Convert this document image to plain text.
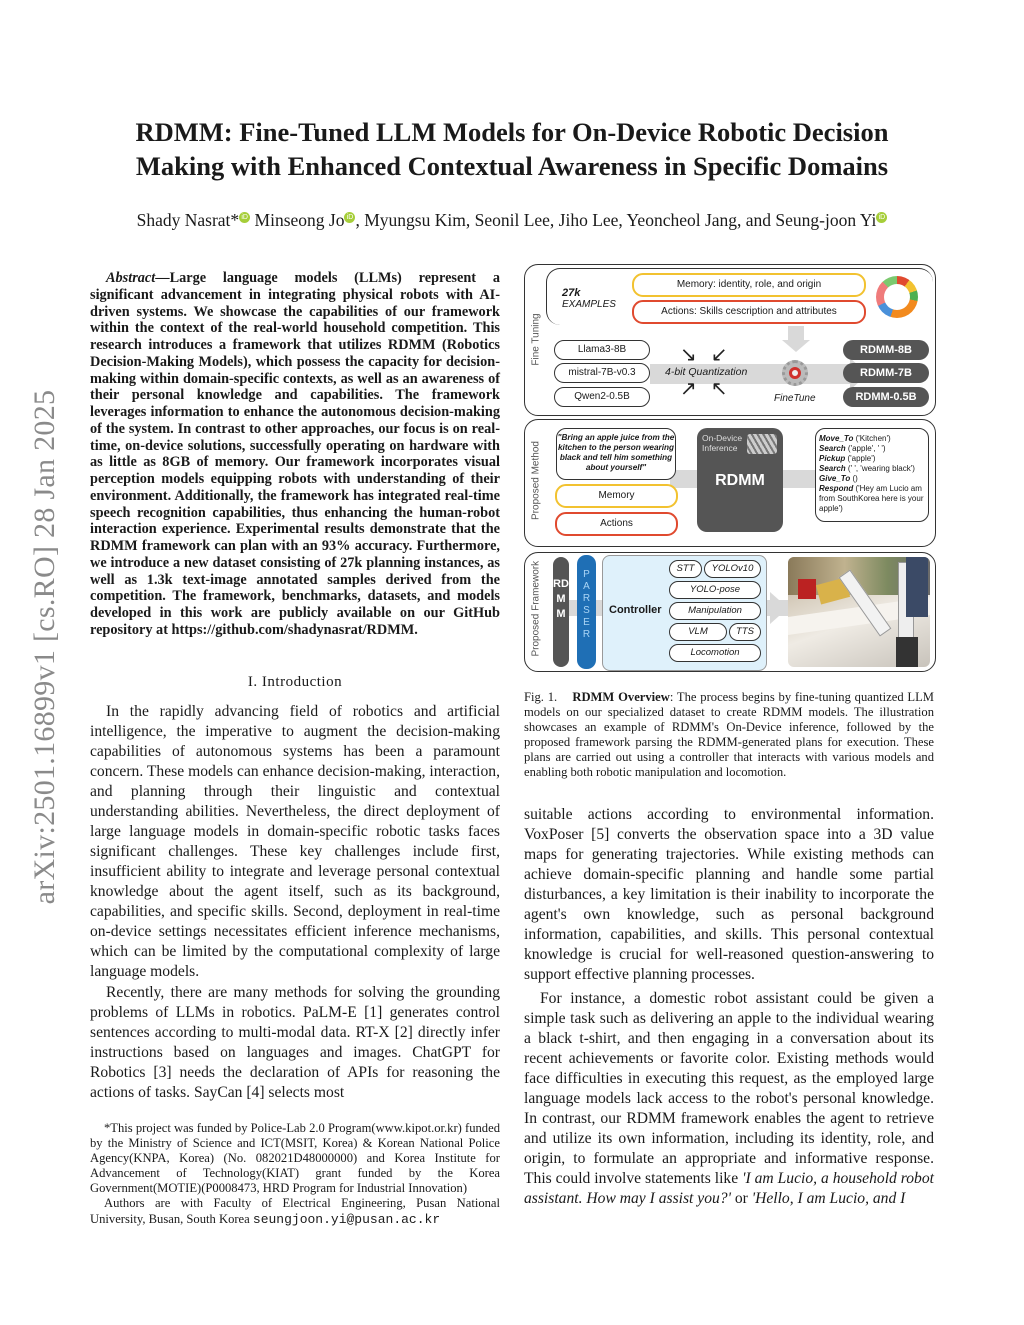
arXiv:2501.16899v1 [cs.RO] 28 Jan 2025
RDMM: Fine-Tuned LLM Models for On-Device Robotic Decision Making with Enhanced Contextual Awareness in Specific Domains
Shady Nasrat* iD Minseong Jo iD , Myungsu Kim, Seonil Lee, Jiho Lee, Yeoncheol Jang, and Seung-joon Yi iD

Abstract—Large language models (LLMs) represent a significant advancement in integrating physical robots with AI-driven systems. We showcase the capabilities of our framework within the context of the real-world household competition. This research introduces a framework that utilizes RDMM (Robotics Decision-Making Models), which possess the capacity for decision-making within domain-specific contexts, as well as an awareness of their personal knowledge and capabilities. The framework leverages information to enhance the autonomous decision-making of the system. In contrast to other approaches, our focus is on real-time, on-device solutions, successfully operating on hardware with as little as 8GB of memory. Our framework incorporates visual perception models equipping robots with understanding of their environment. Additionally, the framework has integrated real-time speech recognition capabilities, thus enhancing the human-robot interaction experience. Experimental results demonstrate that the RDMM framework can plan with an 93% accuracy. Furthermore, we introduce a new dataset consisting of 27k planning instances, as well as 1.3k text-image annotated samples derived from the competition. The framework, benchmarks, datasets, and models developed in this work are publicly available on our GitHub repository at https://github.com/shadynasrat/RDMM.

I. Introduction

In the rapidly advancing field of robotics and artificial intelligence, the imperative to augment the decision-making capabilities of autonomous systems has been a paramount concern. These models can enhance decision-making, interaction, and planning through their linguistic and contextual understanding abilities. Nevertheless, the direct deployment of large language models in domain-specific robotic tasks faces significant challenges. These key challenges include first, insufficient ability to integrate and leverage personal contextual knowledge about the agent itself, such as its background, capabilities, and specific skills. Second, deployment in real-time on-device settings necessitates efficient inference mechanisms, which can be limited by the computational complexity of large language models.

Recently, there are many methods for solving the grounding problems of LLMs in robotics. PaLM-E [1] generates control sentences according to multi-modal data. RT-X [2] directly infer instructions based on languages and images. ChatGPT for Robotics [3] needs the declaration of APIs for reasoning the actions of tasks. SayCan [4] selects most

*This project was funded by Police-Lab 2.0 Program(www.kipot.or.kr) funded by the Ministry of Science and ICT(MSIT, Korea) & Korean National Police Agency(KNPA, Korea) (No. 082021D48000000) and Korea Institute for Advancement of Technology(KIAT) grant funded by the Korea Government(MOTIE)(P0008473, HRD Program for Industrial Innovation)

Authors are with Faculty of Electrical Engineering, Pusan National University, Busan, South Korea seungjoon.yi@pusan.ac.kr

Fine Tuning
27k
EXAMPLES
Memory: identity, role, and origin
Actions: Skills cescription and attributes
Llama3-8B
mistral-7B-v0.3
Qwen2-0.5B
↘↙
↗↖
4-bit Quantization
FineTune
RDMM-8B
RDMM-7B
RDMM-0.5B
Proposed Method
"Bring an apple juice from the kitchen to the person wearing black and tell him something about yourself"
Memory
Actions
On-Device Inference
RDMM
Move_To ('Kitchen')
Search ('apple', ' ')
Pickup ('apple')
Search (' ', 'wearing black')
Give_To ()
Respond ('Hey am Lucio am from SouthKorea here is your apple')
Proposed Framework RDMM
PARSER
Controller
STT	YOLOv10
YOLO-pose
Manipulation
VLM	TTS
Locomotion
Fig. 1. RDMM Overview: The process begins by fine-tuning quantized LLM models on our specialized dataset to create RDMM models. The illustration showcases an example of RDMM's On-Device inference, followed by the proposed framework parsing the RDMM-generated plans for execution. These plans are carried out using a controller that interacts with various models and enabling both robotic manipulation and locomotion.

suitable actions according to environmental information. VoxPoser [5] converts the observation space into a 3D value maps for generating trajectories. While existing methods can achieve domain-specific planning and handle some partial disturbances, a key limitation is their inability to incorporate the agent's own knowledge, such as personal background information, capabilities, and skills. This personal contextual knowledge is crucial for well-reasoned question-answering to support effective planning processes.

For instance, a domestic robot assistant could be given a simple task such as delivering an apple to the individual wearing a black t-shirt, and then engaging in a conversation about its recent achievements or favorite color. Existing methods would face difficulties in executing this request, as the employed large language models lack access to the robot's personal knowledge. In contrast, our RDMM framework enables the agent to retrieve and utilize its own information, including its identity, role, and origin, to formulate an appropriate and informative response. This could involve statements like 'I am Lucio, a household robot assistant. How may I assist you?' or 'Hello, I am Lucio, and I
